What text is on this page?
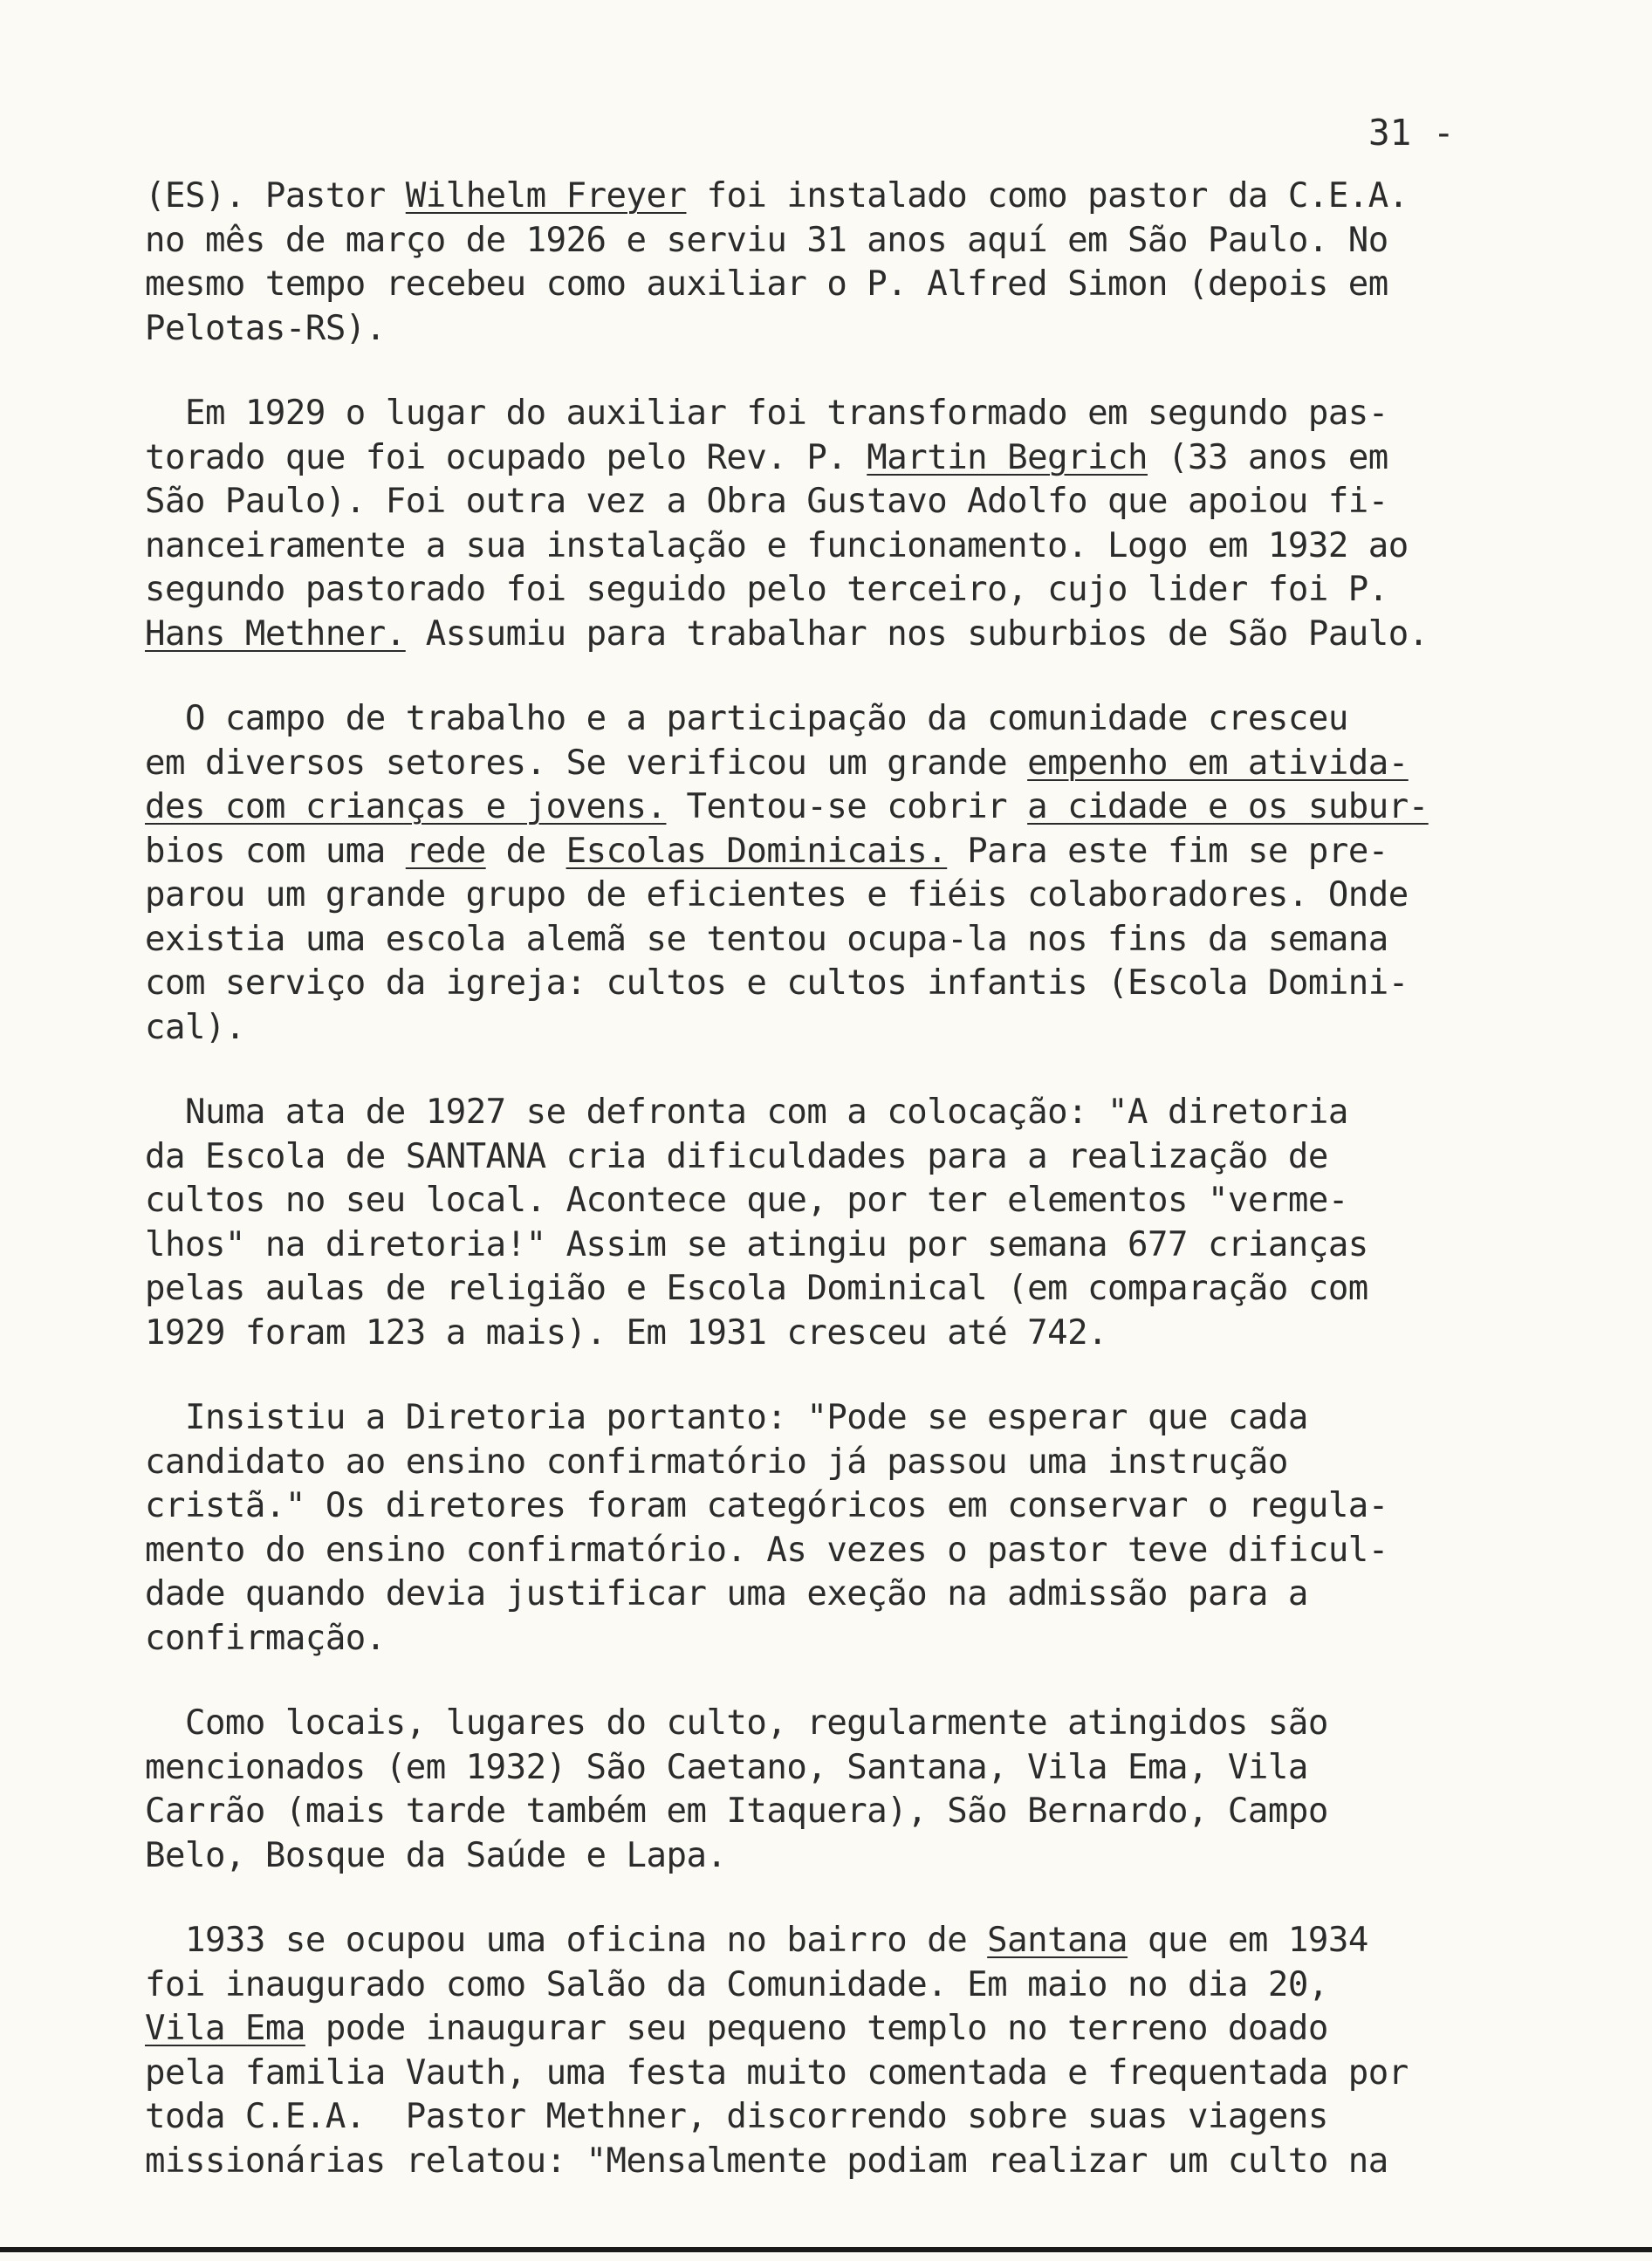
31 -
(ES). Pastor Wilhelm Freyer foi instalado como pastor da C.E.A.
no mês de março de 1926 e serviu 31 anos aquí em São Paulo. No
mesmo tempo recebeu como auxiliar o P. Alfred Simon (depois em
Pelotas-RS).
Em 1929 o lugar do auxiliar foi transformado em segundo pas-
torado que foi ocupado pelo Rev. P. Martin Begrich (33 anos em
São Paulo). Foi outra vez a Obra Gustavo Adolfo que apoiou fi-
nanceiramente a sua instalação e funcionamento. Logo em 1932 ao
segundo pastorado foi seguido pelo terceiro, cujo lider foi P.
Hans Methner. Assumiu para trabalhar nos suburbios de São Paulo.
O campo de trabalho e a participação da comunidade cresceu
em diversos setores. Se verificou um grande empenho em ativida-
des com crianças e jovens. Tentou-se cobrir a cidade e os subur-
bios com uma rede de Escolas Dominicais. Para este fim se pre-
parou um grande grupo de eficientes e fiéis colaboradores. Onde
existia uma escola alemã se tentou ocupa-la nos fins da semana
com serviço da igreja: cultos e cultos infantis (Escola Domini-
cal).
Numa ata de 1927 se defronta com a colocação: "A diretoria
da Escola de SANTANA cria dificuldades para a realização de
cultos no seu local. Acontece que, por ter elementos "verme-
lhos" na diretoria!" Assim se atingiu por semana 677 crianças
pelas aulas de religião e Escola Dominical (em comparação com
1929 foram 123 a mais). Em 1931 cresceu até 742.
Insistiu a Diretoria portanto: "Pode se esperar que cada
candidato ao ensino confirmatório já passou uma instrução
cristã." Os diretores foram categóricos em conservar o regula-
mento do ensino confirmatório. As vezes o pastor teve dificul-
dade quando devia justificar uma exeção na admissão para a
confirmação.
Como locais, lugares do culto, regularmente atingidos são
mencionados (em 1932) São Caetano, Santana, Vila Ema, Vila
Carrão (mais tarde também em Itaquera), São Bernardo, Campo
Belo, Bosque da Saúde e Lapa.
1933 se ocupou uma oficina no bairro de Santana que em 1934
foi inaugurado como Salão da Comunidade. Em maio no dia 20,
Vila Ema pode inaugurar seu pequeno templo no terreno doado
pela familia Vauth, uma festa muito comentada e frequentada por
toda C.E.A.  Pastor Methner, discorrendo sobre suas viagens
missionárias relatou: "Mensalmente podiam realizar um culto na
